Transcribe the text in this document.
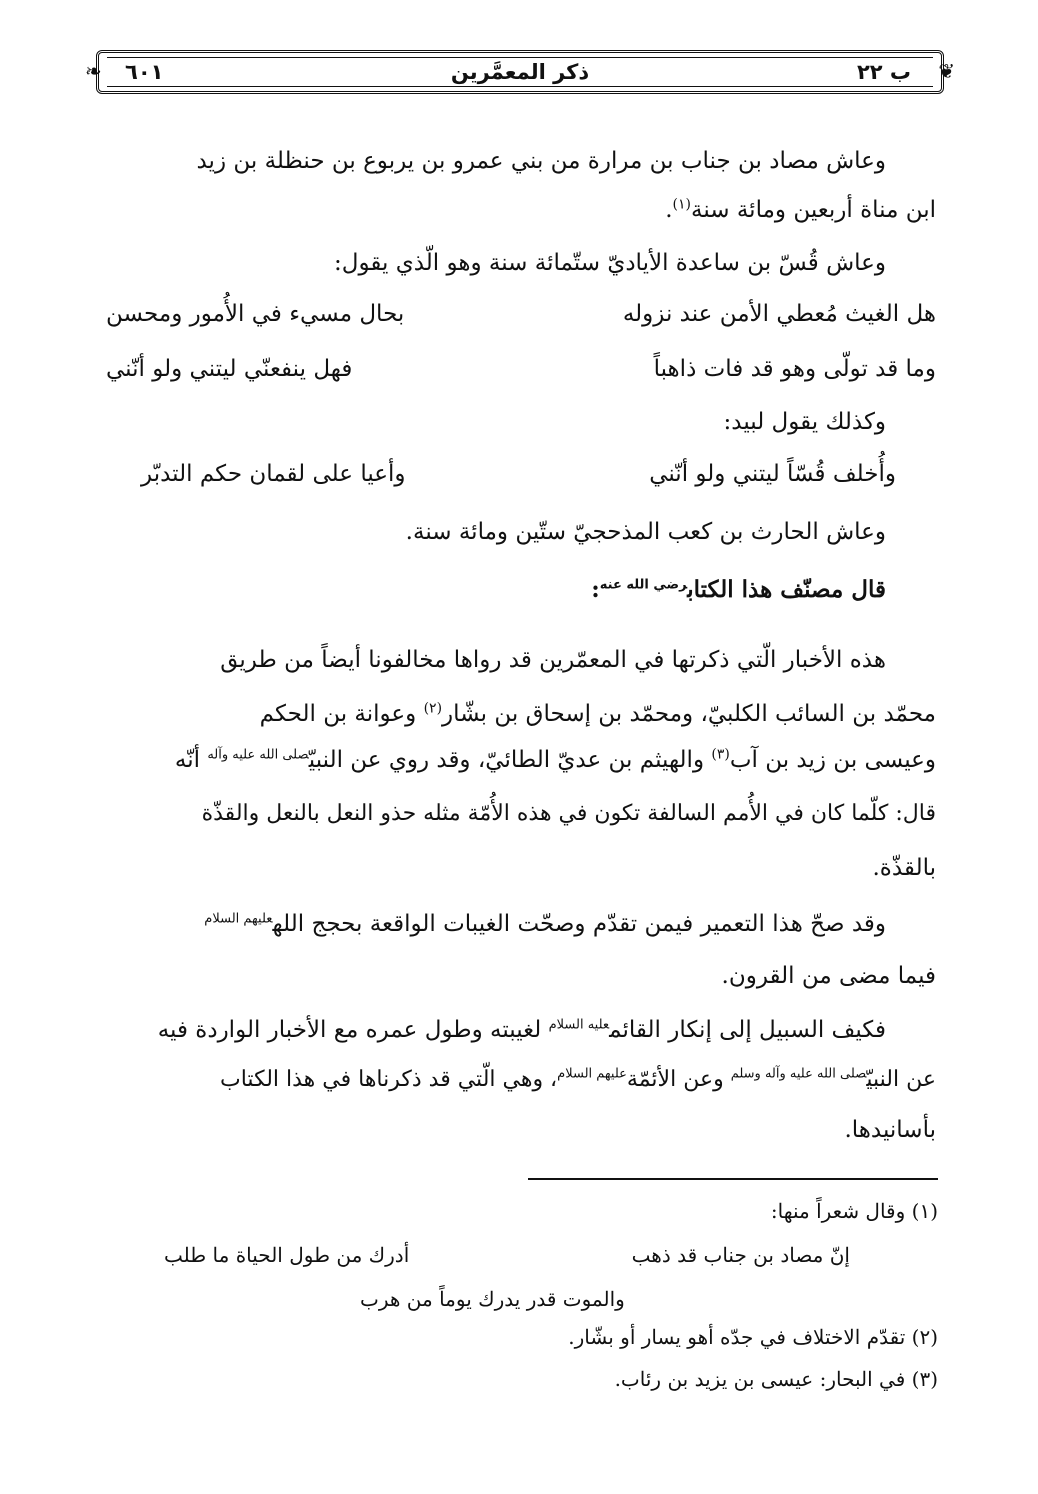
❦
❧	ب ٢٢
ذكر المعمَّرين
٦٠١
وعاش مصاد بن جناب بن مرارة من بني عمرو بن يربوع بن حنظلة بن زيد
ابن مناة أربعين ومائة سنة$^{(١)}$.
وعاش قُسّ بن ساعدة الأياديّ ستّمائة سنة وهو الّذي يقول:
هل الغيث مُعطي الأمن عند نزوله
بحال مسيء في الأُمور ومحسن
وما قد تولّى وهو قد فات ذاهباً
فهل ينفعنّي ليتني ولو أنّني
وكذلك يقول لبيد:
وأُخلف قُسّاً ليتني ولو أنّني
وأعيا على لقمان حكم التدبّر
وعاش الحارث بن كعب المذحجيّ ستّين ومائة سنة.
قال مصنّف هذا الكتاب$^{رضي الله عنه}$:
هذه الأخبار الّتي ذكرتها في المعمّرين قد رواها مخالفونا أيضاً من طريق
محمّد بن السائب الكلبيّ، ومحمّد بن إسحاق بن بشّار$^{(٢)}$ وعوانة بن الحكم
وعيسى بن زيد بن آب$^{(٣)}$ والهيثم بن عديّ الطائيّ، وقد روي عن النبيّ$^{صلى الله عليه وآله}$ أنّه
قال: كلّما كان في الأُمم السالفة تكون في هذه الأُمّة مثله حذو النعل بالنعل والقذّة
بالقذّة.
وقد صحّ هذا التعمير فيمن تقدّم وصحّت الغيبات الواقعة بحجج الله$^{عليهم السلام}$
فيما مضى من القرون.
فكيف السبيل إلى إنكار القائم$^{عليه السلام}$ لغيبته وطول عمره مع الأخبار الواردة فيه
عن النبيّ$^{صلى الله عليه وآله وسلم}$ وعن الأئمّة$^{عليهم السلام}$، وهي الّتي قد ذكرناها في هذا الكتاب
بأسانيدها.
(١) وقال شعراً منها:
إنّ مصاد بن جناب قد ذهب
أدرك من طول الحياة ما طلب
والموت قدر يدرك يوماً من هرب
(٢) تقدّم الاختلاف في جدّه أهو يسار أو بشّار.
(٣) في البحار: عيسى بن يزيد بن رئاب.
